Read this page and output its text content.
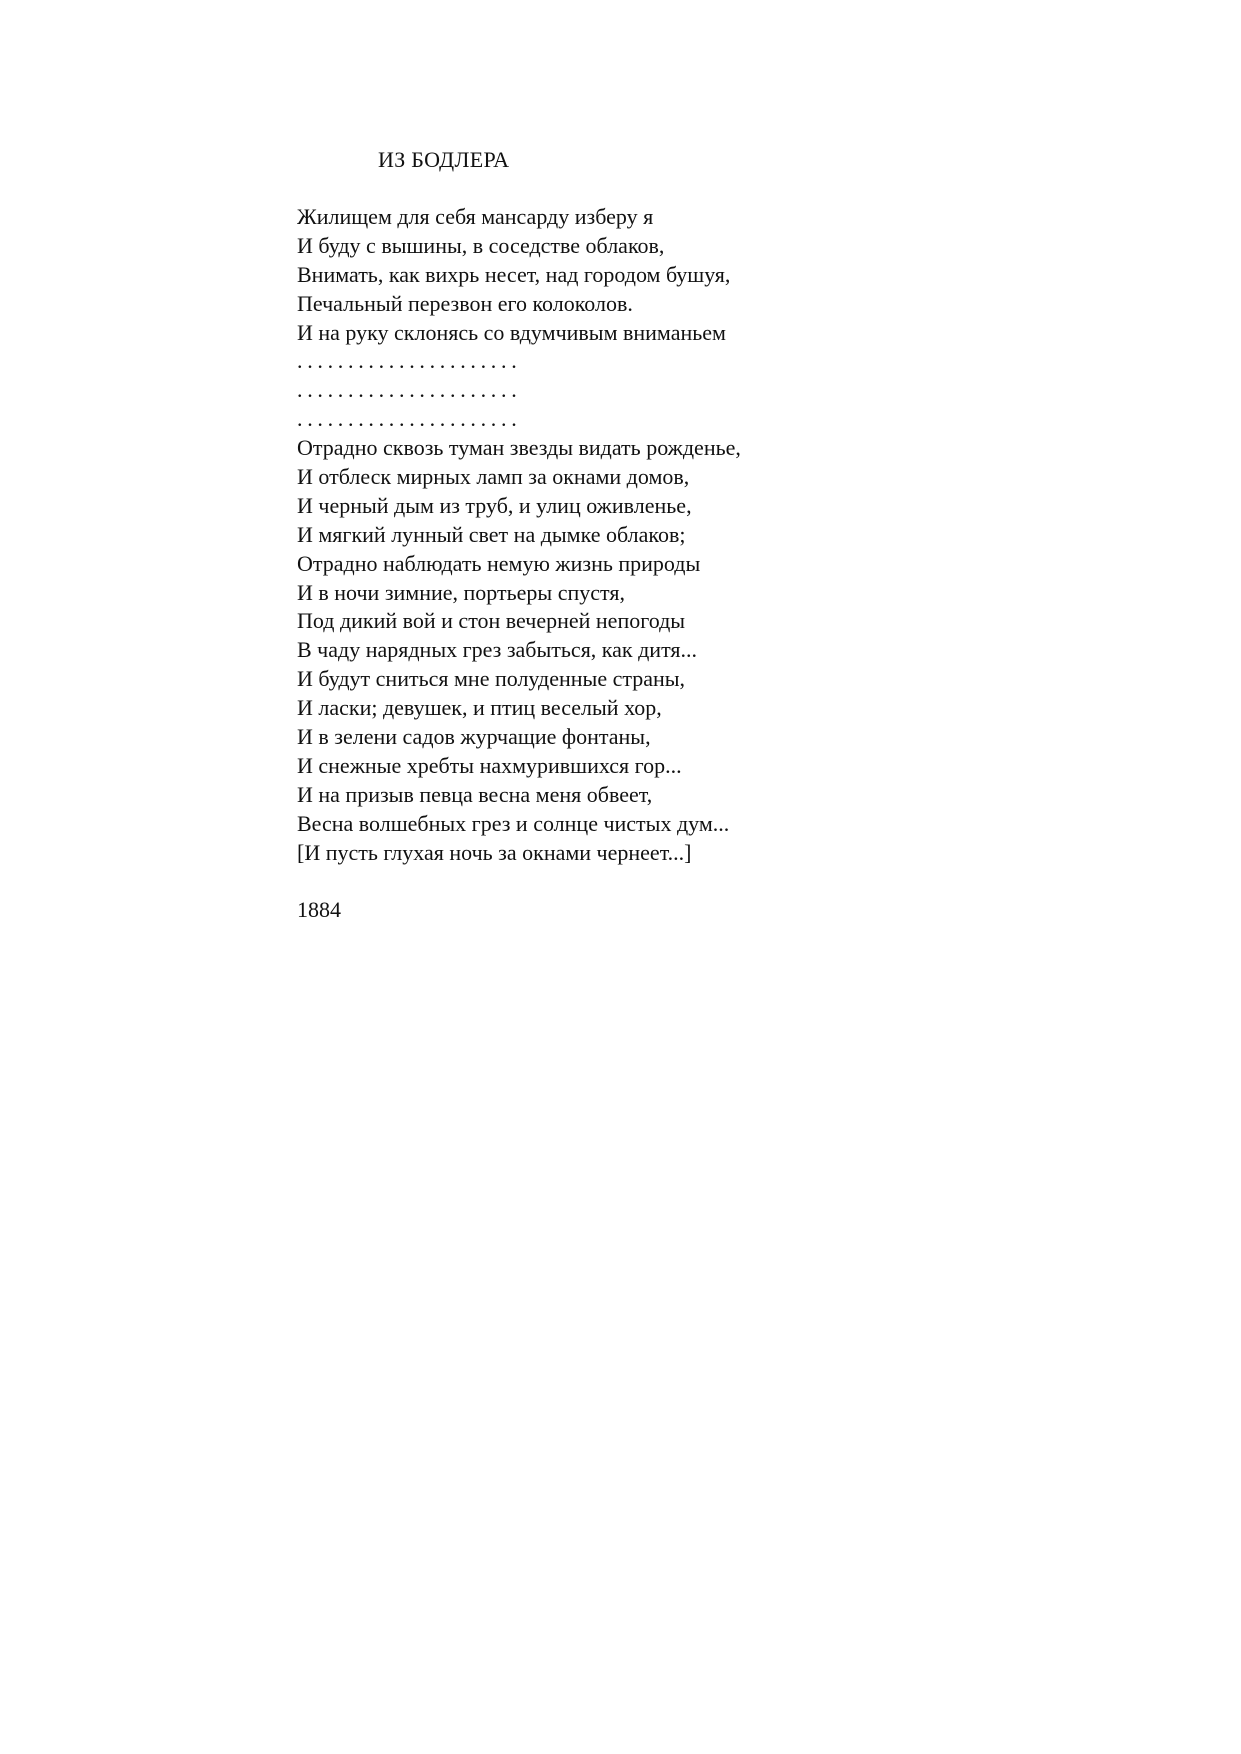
ИЗ БОДЛЕРА
Жилищем для себя мансарду изберу я
И буду с вышины, в соседстве облаков,
Внимать, как вихрь несет, над городом бушуя,
Печальный перезвон его колоколов.
И на руку склонясь со вдумчивым вниманьем
......................
......................
......................
Отрадно сквозь туман звезды видать рожденье,
И отблеск мирных ламп за окнами домов,
И черный дым из труб, и улиц оживленье,
И мягкий лунный свет на дымке облаков;
Отрадно наблюдать немую жизнь природы
И в ночи зимние, портьеры спустя,
Под дикий вой и стон вечерней непогоды
В чаду нарядных грез забыться, как дитя...
И будут сниться мне полуденные страны,
И ласки; девушек, и птиц веселый хор,
И в зелени садов журчащие фонтаны,
И снежные хребты нахмурившихся гор...
И на призыв певца весна меня обвеет,
Весна волшебных грез и солнце чистых дум...
[И пусть глухая ночь за окнами чернеет...]
1884
